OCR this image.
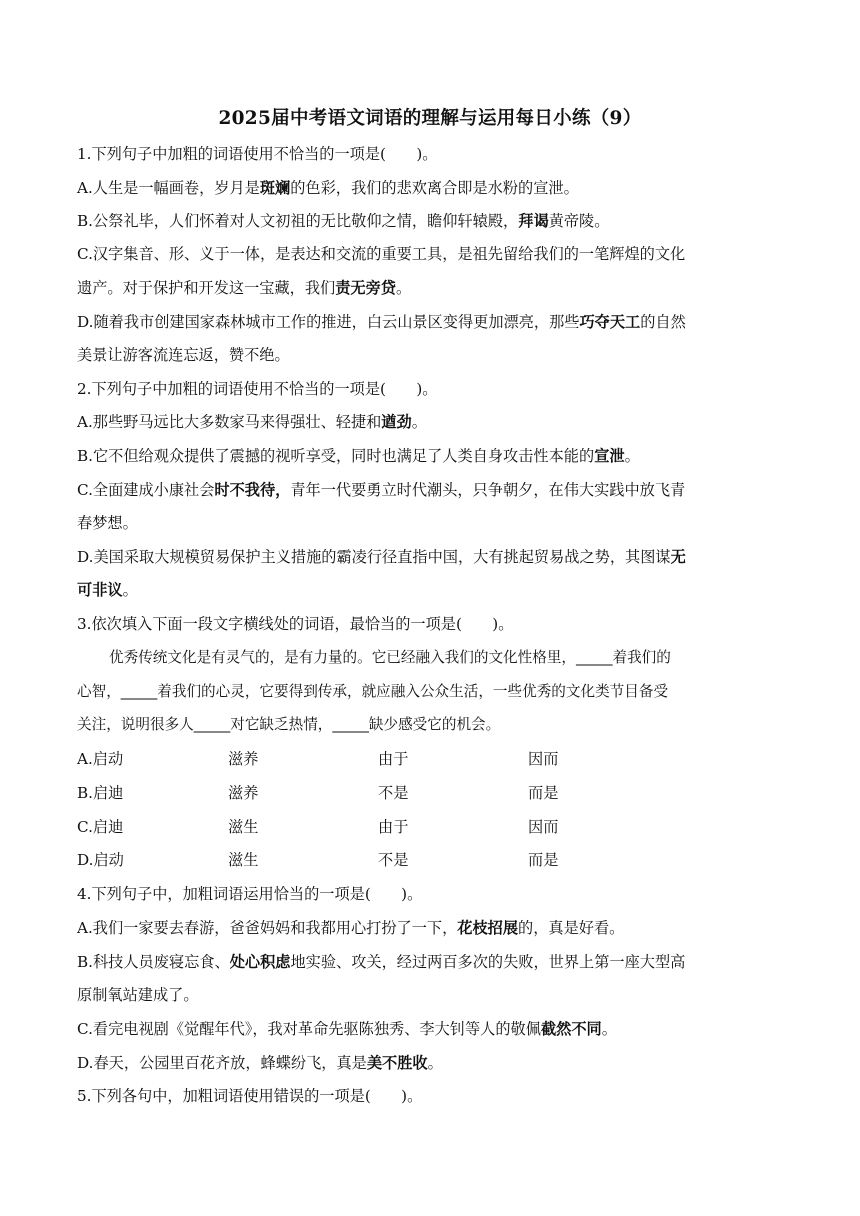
2025届中考语文词语的理解与运用每日小练（9）
1.下列句子中加粗的词语使用不恰当的一项是(　　)。
A.人生是一幅画卷，岁月是斑斓的色彩，我们的悲欢离合即是水粉的宣泄。
B.公祭礼毕，人们怀着对人文初祖的无比敬仰之情，瞻仰轩辕殿，拜谒黄帝陵。
C.汉字集音、形、义于一体，是表达和交流的重要工具，是祖先留给我们的一笔辉煌的文化
遗产。对于保护和开发这一宝藏，我们责无旁贷。
D.随着我市创建国家森林城市工作的推进，白云山景区变得更加漂亮，那些巧夺天工的自然
美景让游客流连忘返，赞不绝。
2.下列句子中加粗的词语使用不恰当的一项是(　　)。
A.那些野马远比大多数家马来得强壮、轻捷和遒劲。
B.它不但给观众提供了震撼的视听享受，同时也满足了人类自身攻击性本能的宣泄。
C.全面建成小康社会时不我待，青年一代要勇立时代潮头，只争朝夕，在伟大实践中放飞青
春梦想。
D.美国采取大规模贸易保护主义措施的霸凌行径直指中国，大有挑起贸易战之势，其图谋无
可非议。
3.依次填入下面一段文字横线处的词语，最恰当的一项是(　　)。
优秀传统文化是有灵气的，是有力量的。它已经融入我们的文化性格里，_____着我们的
心智，_____着我们的心灵，它要得到传承，就应融入公众生活，一些优秀的文化类节目备受
关注，说明很多人_____对它缺乏热情，_____缺少感受它的机会。
A.启动	滋养	由于	因而
B.启迪	滋养	不是	而是
C.启迪	滋生	由于	因而
D.启动	滋生	不是	而是
4.下列句子中，加粗词语运用恰当的一项是(　　)。
A.我们一家要去春游，爸爸妈妈和我都用心打扮了一下，花枝招展的，真是好看。
B.科技人员废寝忘食、处心积虑地实验、攻关，经过两百多次的失败，世界上第一座大型高
原制氧站建成了。
C.看完电视剧《觉醒年代》，我对革命先驱陈独秀、李大钊等人的敬佩截然不同。
D.春天，公园里百花齐放，蜂蝶纷飞，真是美不胜收。
5.下列各句中，加粗词语使用错误的一项是(　　)。
